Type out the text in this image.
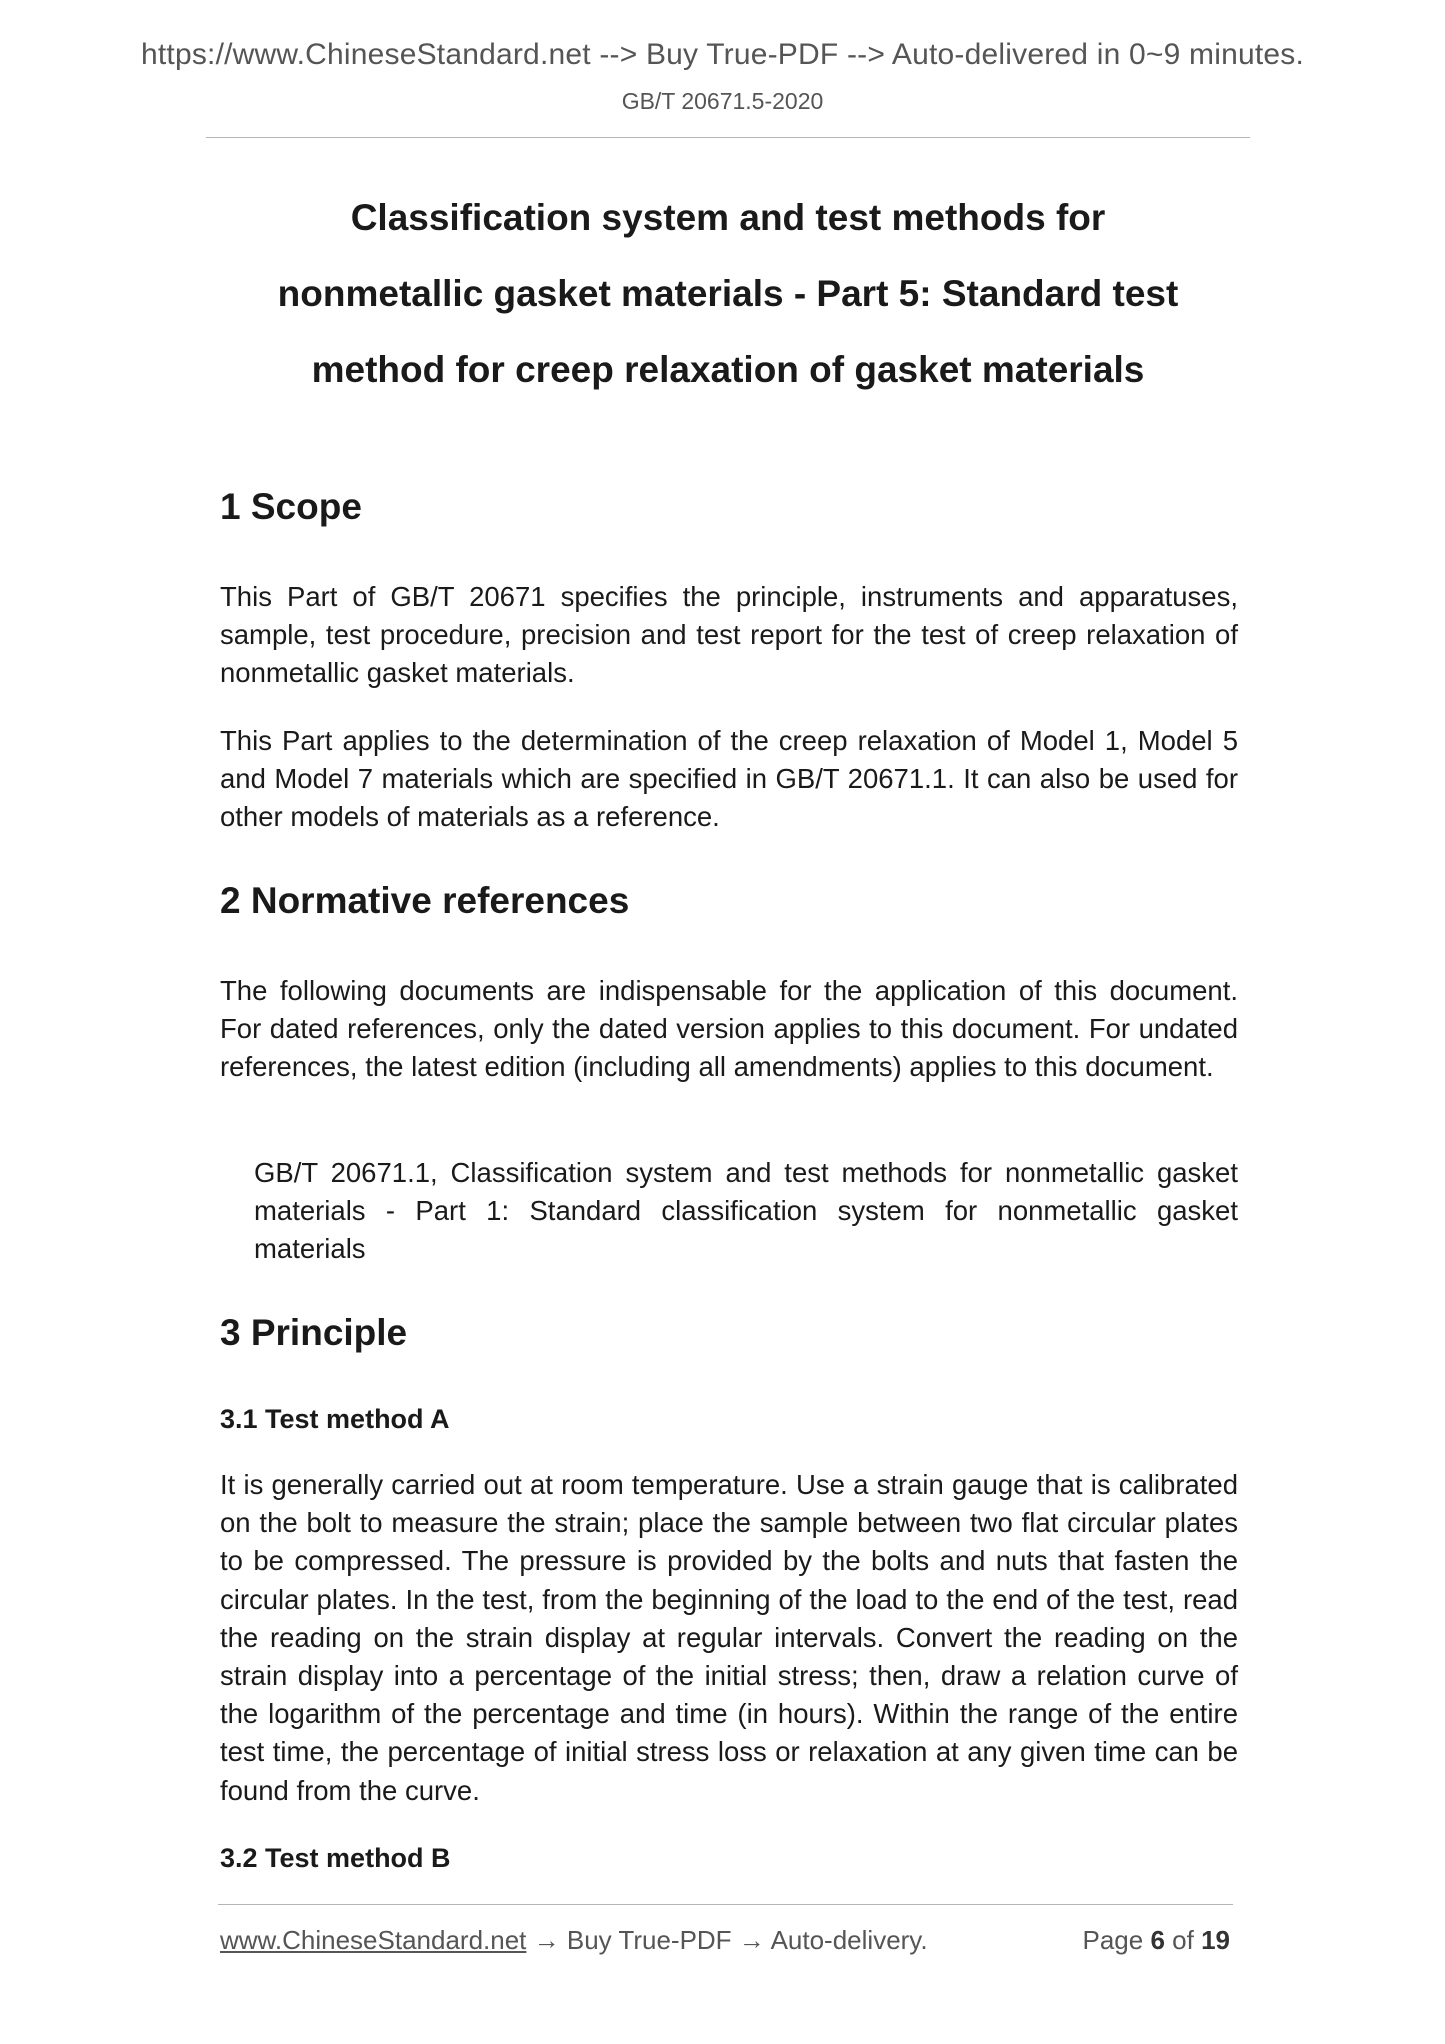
https://www.ChineseStandard.net --> Buy True-PDF --> Auto-delivered in 0~9 minutes.
GB/T 20671.5-2020
Classification system and test methods for
nonmetallic gasket materials - Part 5: Standard test
method for creep relaxation of gasket materials
1 Scope

This Part of GB/T 20671 specifies the principle, instruments and apparatuses, sample, test procedure, precision and test report for the test of creep relaxation of nonmetallic gasket materials.

This Part applies to the determination of the creep relaxation of Model 1, Model 5 and Model 7 materials which are specified in GB/T 20671.1. It can also be used for other models of materials as a reference.

2 Normative references

The following documents are indispensable for the application of this document. For dated references, only the dated version applies to this document. For undated references, the latest edition (including all amendments) applies to this document.

GB/T 20671.1, Classification system and test methods for nonmetallic gasket materials - Part 1: Standard classification system for nonmetallic gasket materials

3 Principle
3.1 Test method A

It is generally carried out at room temperature. Use a strain gauge that is calibrated on the bolt to measure the strain; place the sample between two flat circular plates to be compressed. The pressure is provided by the bolts and nuts that fasten the circular plates. In the test, from the beginning of the load to the end of the test, read the reading on the strain display at regular intervals. Convert the reading on the strain display into a percentage of the initial stress; then, draw a relation curve of the logarithm of the percentage and time (in hours). Within the range of the entire test time, the percentage of initial stress loss or relaxation at any given time can be found from the curve.

3.2 Test method B
www.ChineseStandard.net → Buy True-PDF → Auto-delivery.	Page 6 of 19
